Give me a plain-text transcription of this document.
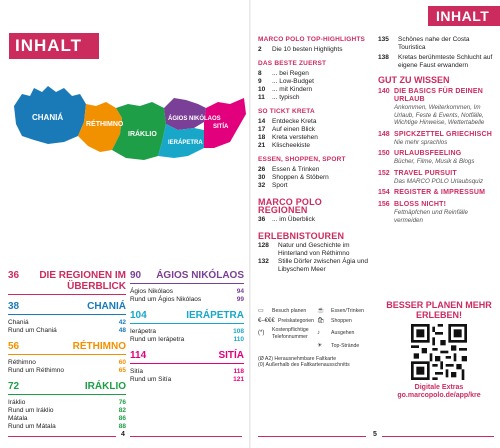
INHALT
CHANIÁ
RÉTHIMNO
IRÁKLIO
ÁGIOS NIKÓLAOS
IERÁPETRA
SITÍA
36	DIE REGIONEN IM ÜBERBLICK
38	CHANIÁ
Chaniá	42
Rund um Chaniá	48
56	RÉTHIMNO
Réthimno	60
Rund um Réthimno	65
72	IRÁKLIO
Iráklio	76
Rund um Iráklio	82
Mátala	86
Rund um Mátala	88
90	ÁGIOS NIKÓLAOS
Ágios Nikólaos	94
Rund um Ágios Nikólaos	99
104	IERÁPETRA
Ierápetra	108
Rund um Ierápetra	110
114	SITÍA
Sitía	118
Rund um Sitía	121
4
INHALT
MARCO POLO TOP-HIGHLIGHTS
2	Die 10 besten Highlights
DAS BESTE ZUERST
8	... bei Regen
9	... Low-Budget
10	... mit Kindern
11	... typisch
SO TICKT KRETA
14	Entdecke Kreta
17	Auf einen Blick
18	Kreta verstehen
21	Klischeekiste
ESSEN, SHOPPEN, SPORT
26	Essen & Trinken
30	Shoppen & Stöbern
32	Sport
MARCO POLO REGIONEN
36	... im Überblick
ERLEBNISTOUREN
128	Natur und Geschichte im Hinterland von Réthimno
132	Stille Dörfer zwischen Ágia und Libyschem Meer
135	Schönes nahe der Costa Touristica
138	Kretas berühmteste Schlucht auf eigene Faust erwandern
GUT ZU WISSEN
140 DIE BASICS FÜR DEINEN URLAUB
Ankommen, Weiterkommen, Im Urlaub, Feste & Events, Notfälle, Wichtige Hinweise, Wettertabelle
148 SPICKZETTEL GRIECHISCH
Nie mehr sprachlos
150 URLAUBSFEELING
Bücher, Filme, Musik & Blogs
152 TRAVEL PURSUIT
Das MARCO POLO Urlaubsquiz
154 REGISTER & IMPRESSUM
156 BLOSS NICHT!
Fettnäpfchen und Reinfälle vermeiden
▭	Besuch planen ☕	Essen/Trinken
€–€€€ Preiskategorien 🛍	Shoppen
(*)
Kostenpflichtige Telefonnummer
♪	Ausgehen
☀	Top-Strände
(Ø A2) Herausnehmbare Faltkarte
(0) Außerhalb des Faltkartenausschnitts
BESSER PLANEN MEHR ERLEBEN!
Digitale Extras
go.marcopolo.de/app/kre
5
